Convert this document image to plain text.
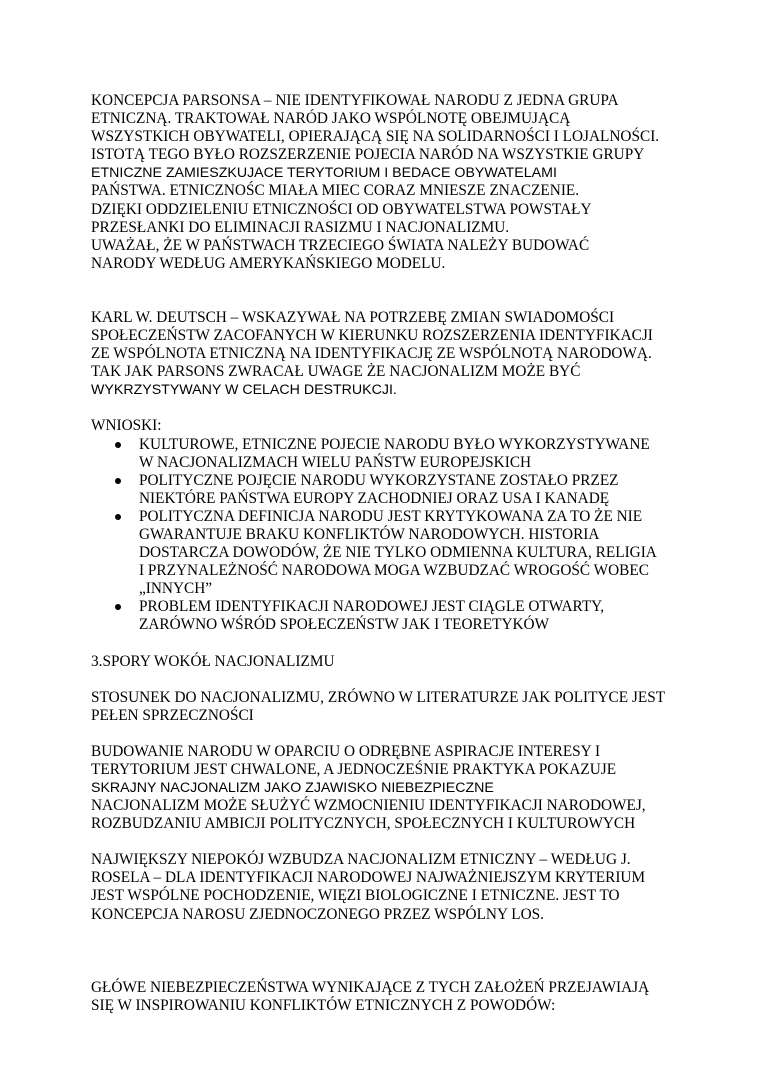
KONCEPCJA PARSONSA – NIE IDENTYFIKOWAŁ NARODU Z JEDNA GRUPA
ETNICZNĄ. TRAKTOWAŁ NARÓD JAKO WSPÓLNOTĘ OBEJMUJĄCĄ
WSZYSTKICH OBYWATELI, OPIERAJĄCĄ SIĘ NA SOLIDARNOŚCI I LOJALNOŚCI.
ISTOTĄ TEGO BYŁO ROZSZERZENIE POJECIA NARÓD NA WSZYSTKIE GRUPY
ETNICZNE ZAMIESZKUJACE TERYTORIUM I BEDACE OBYWATELAMI
PAŃSTWA. ETNICZNOŚC MIAŁA MIEC CORAZ MNIESZE ZNACZENIE.
DZIĘKI ODDZIELENIU ETNICZNOŚCI OD OBYWATELSTWA POWSTAŁY
PRZESŁANKI DO ELIMINACJI RASIZMU I NACJONALIZMU.
UWAŻAŁ, ŻE W PAŃSTWACH TRZECIEGO ŚWIATA NALEŻY BUDOWAĆ
NARODY WEDŁUG AMERYKAŃSKIEGO MODELU.
KARL W. DEUTSCH – WSKAZYWAŁ NA POTRZEBĘ ZMIAN SWIADOMOŚCI
SPOŁECZEŃSTW ZACOFANYCH W KIERUNKU ROZSZERZENIA IDENTYFIKACJI
ZE WSPÓLNOTA ETNICZNĄ NA IDENTYFIKACJĘ ZE WSPÓLNOTĄ NARODOWĄ.
TAK JAK PARSONS ZWRACAŁ UWAGE ŻE NACJONALIZM MOŻE BYĆ
WYKRZYSTYWANY W CELACH DESTRUKCJI.
WNIOSKI:
KULTUROWE, ETNICZNE POJECIE NARODU BYŁO WYKORZYSTYWANE
W NACJONALIZMACH WIELU PAŃSTW EUROPEJSKICH
POLITYCZNE POJĘCIE NARODU WYKORZYSTANE ZOSTAŁO PRZEZ
NIEKTÓRE PAŃSTWA EUROPY ZACHODNIEJ ORAZ USA I KANADĘ
POLITYCZNA DEFINICJA NARODU JEST KRYTYKOWANA ZA TO ŻE NIE
GWARANTUJE BRAKU KONFLIKTÓW NARODOWYCH. HISTORIA
DOSTARCZA DOWODÓW, ŻE NIE TYLKO ODMIENNA KULTURA, RELIGIA
I PRZYNALEŻNOŚĆ NARODOWA MOGA WZBUDZAĆ WROGOŚĆ WOBEC
„INNYCH”
PROBLEM IDENTYFIKACJI NARODOWEJ JEST CIĄGLE OTWARTY,
ZARÓWNO WŚRÓD SPOŁECZEŃSTW JAK I TEORETYKÓW
3.SPORY WOKÓŁ NACJONALIZMU
STOSUNEK DO NACJONALIZMU, ZRÓWNO W LITERATURZE JAK POLITYCE JEST
PEŁEN SPRZECZNOŚCI
BUDOWANIE NARODU W OPARCIU O ODRĘBNE ASPIRACJE INTERESY I
TERYTORIUM JEST CHWALONE, A JEDNOCZEŚNIE PRAKTYKA POKAZUJE
SKRAJNY NACJONALIZM JAKO ZJAWISKO NIEBEZPIECZNE
NACJONALIZM MOŻE SŁUŻYĆ WZMOCNIENIU IDENTYFIKACJI NARODOWEJ,
ROZBUDZANIU AMBICJI POLITYCZNYCH, SPOŁECZNYCH I KULTUROWYCH
NAJWIĘKSZY NIEPOKÓJ WZBUDZA NACJONALIZM ETNICZNY – WEDŁUG J.
ROSELA – DLA IDENTYFIKACJI NARODOWEJ NAJWAŻNIEJSZYM KRYTERIUM
JEST WSPÓLNE POCHODZENIE, WIĘZI BIOLOGICZNE I ETNICZNE. JEST TO
KONCEPCJA NAROSU ZJEDNOCZONEGO PRZEZ WSPÓLNY LOS.
GŁÓWE NIEBEZPIECZEŃSTWA WYNIKAJĄCE Z TYCH ZAŁOŻEŃ PRZEJAWIAJĄ
SIĘ W INSPIROWANIU KONFLIKTÓW ETNICZNYCH Z POWODÓW:
